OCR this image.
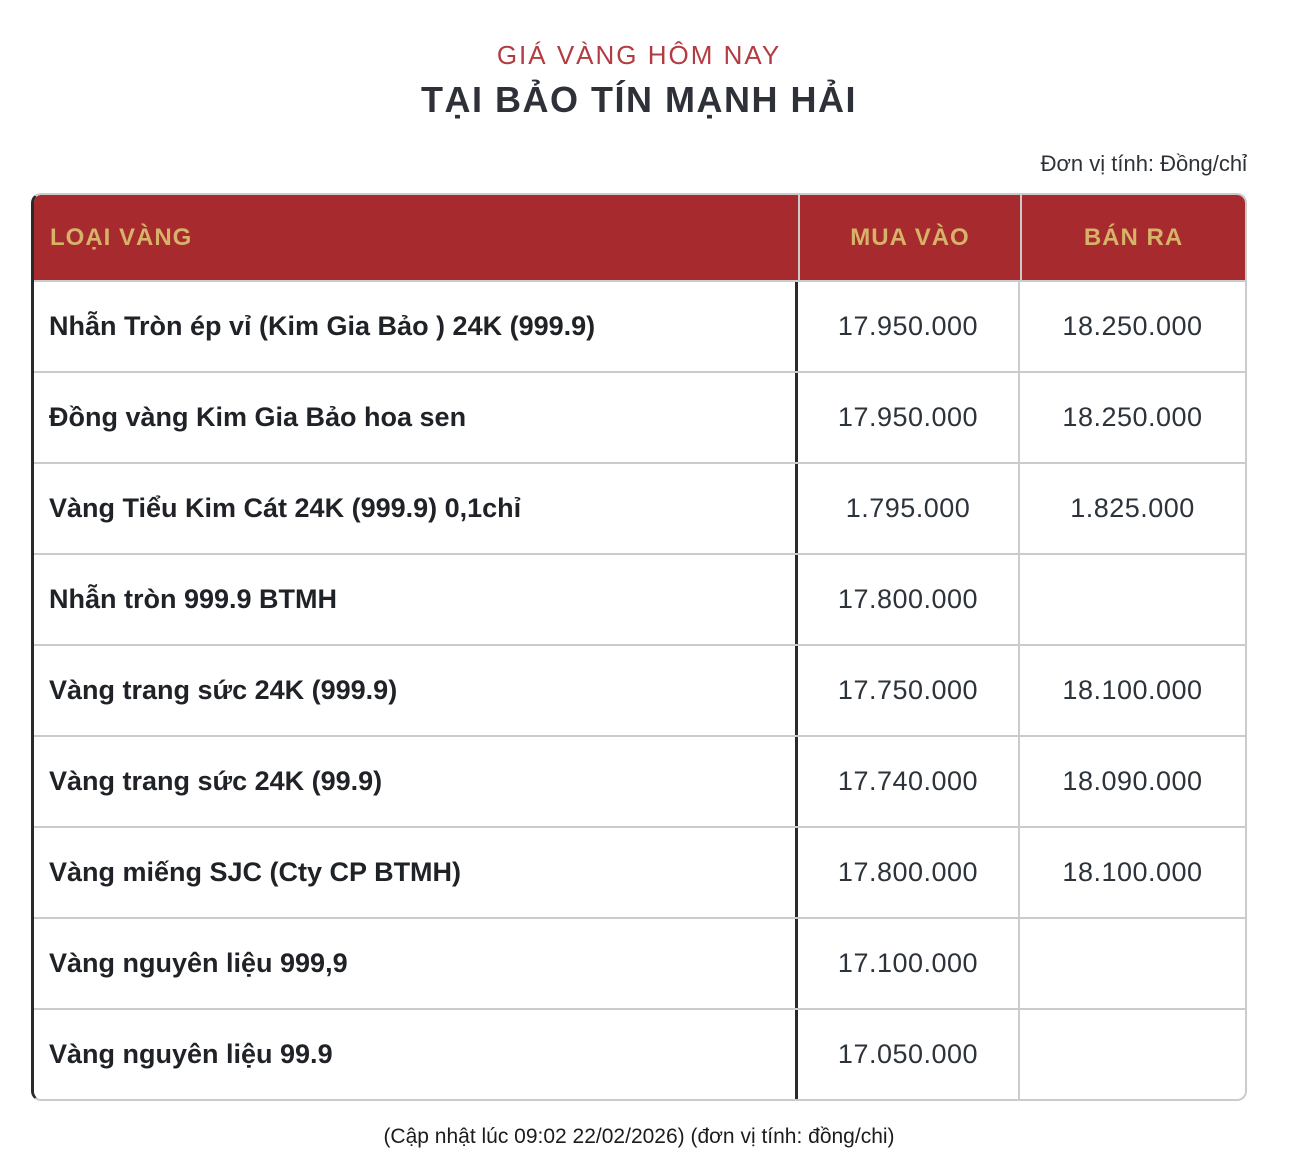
GIÁ VÀNG HÔM NAY
TẠI BẢO TÍN MẠNH HẢI
Đơn vị tính: Đồng/chỉ
LOẠI VÀNG	MUA VÀO	BÁN RA
Nhẫn Tròn ép vỉ (Kim Gia Bảo ) 24K (999.9)	17.950.000	18.250.000
Đồng vàng Kim Gia Bảo hoa sen	17.950.000	18.250.000
Vàng Tiểu Kim Cát 24K (999.9) 0,1chỉ	1.795.000	1.825.000
Nhẫn tròn 999.9 BTMH	17.800.000
Vàng trang sức 24K (999.9)	17.750.000	18.100.000
Vàng trang sức 24K (99.9)	17.740.000	18.090.000
Vàng miếng SJC (Cty CP BTMH)	17.800.000	18.100.000
Vàng nguyên liệu 999,9	17.100.000
Vàng nguyên liệu 99.9	17.050.000
(Cập nhật lúc 09:02 22/02/2026) (đơn vị tính: đồng/chi)
